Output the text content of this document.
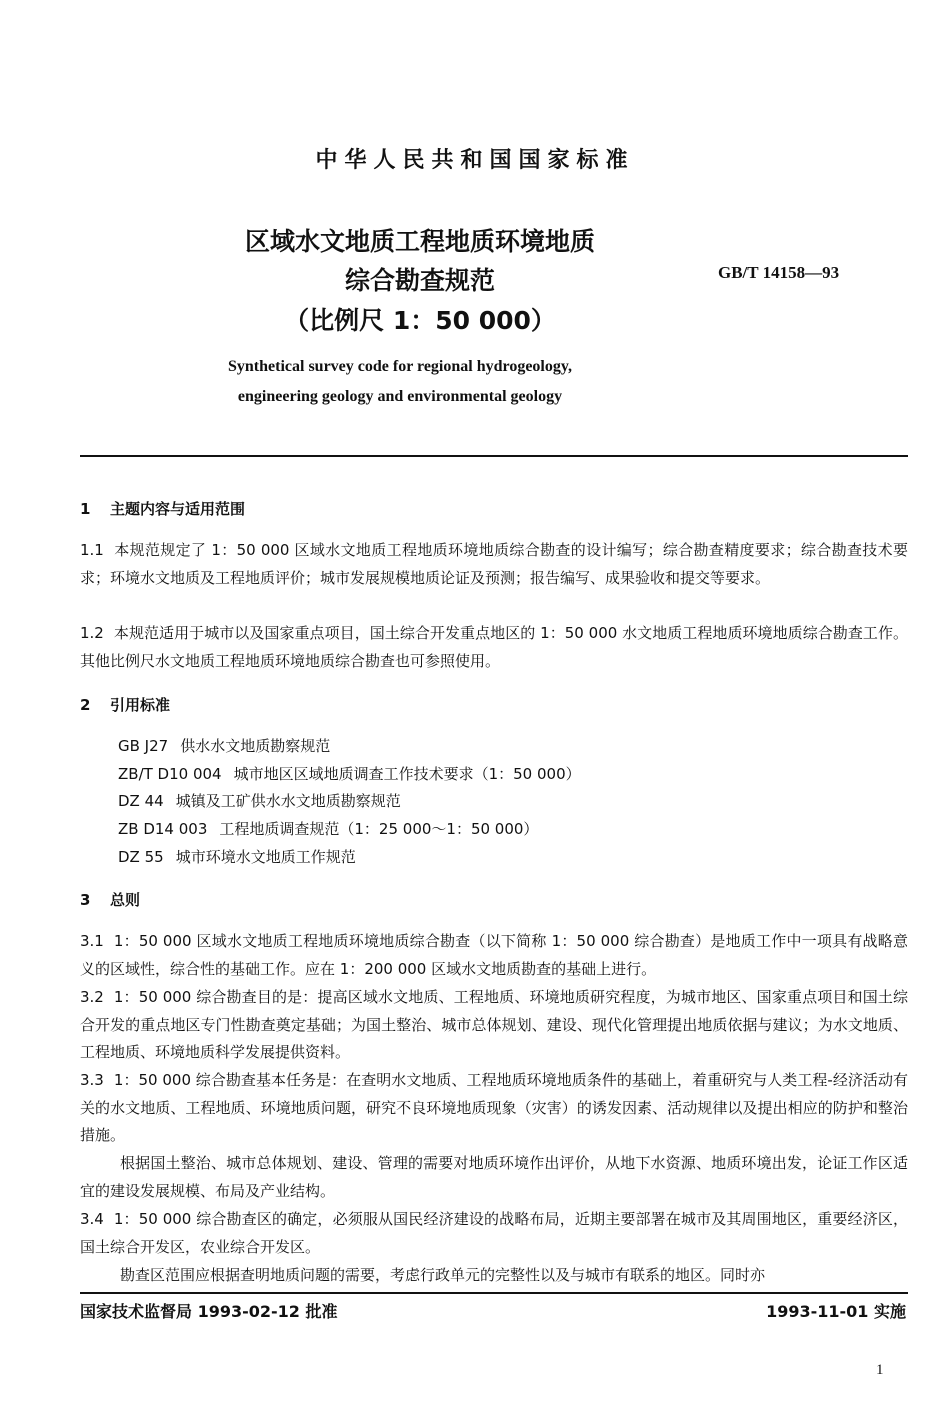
中华人民共和国国家标准
区域水文地质工程地质环境地质
综合勘查规范
（比例尺 1：50 000）
GB/T 14158—93
Synthetical survey code for regional hydrogeology,
engineering geology and environmental geology
1 主题内容与适用范围
1.1 本规范规定了 1：50 000 区域水文地质工程地质环境地质综合勘查的设计编写；综合勘查精度要求；综合勘查技术要求；环境水文地质及工程地质评价；城市发展规模地质论证及预测；报告编写、成果验收和提交等要求。
1.2 本规范适用于城市以及国家重点项目，国土综合开发重点地区的 1：50 000 水文地质工程地质环境地质综合勘查工作。其他比例尺水文地质工程地质环境地质综合勘查也可参照使用。
2 引用标准
GB J27 供水水文地质勘察规范
ZB/T D10 004 城市地区区域地质调查工作技术要求（1：50 000）
DZ 44 城镇及工矿供水水文地质勘察规范
ZB D14 003 工程地质调查规范（1：25 000～1：50 000）
DZ 55 城市环境水文地质工作规范
3 总则
3.1 1：50 000 区域水文地质工程地质环境地质综合勘查（以下简称 1：50 000 综合勘查）是地质工作中一项具有战略意义的区域性，综合性的基础工作。应在 1：200 000 区域水文地质勘查的基础上进行。
3.2 1：50 000 综合勘查目的是：提高区域水文地质、工程地质、环境地质研究程度，为城市地区、国家重点项目和国土综合开发的重点地区专门性勘查奠定基础；为国土整治、城市总体规划、建设、现代化管理提出地质依据与建议；为水文地质、工程地质、环境地质科学发展提供资料。
3.3 1：50 000 综合勘查基本任务是：在查明水文地质、工程地质环境地质条件的基础上，着重研究与人类工程-经济活动有关的水文地质、工程地质、环境地质问题，研究不良环境地质现象（灾害）的诱发因素、活动规律以及提出相应的防护和整治措施。
根据国土整治、城市总体规划、建设、管理的需要对地质环境作出评价，从地下水资源、地质环境出发，论证工作区适宜的建设发展规模、布局及产业结构。
3.4 1：50 000 综合勘查区的确定，必须服从国民经济建设的战略布局，近期主要部署在城市及其周围地区，重要经济区，国土综合开发区，农业综合开发区。
勘查区范围应根据查明地质问题的需要，考虑行政单元的完整性以及与城市有联系的地区。同时亦
国家技术监督局 1993-02-12 批准	1993-11-01 实施
1
